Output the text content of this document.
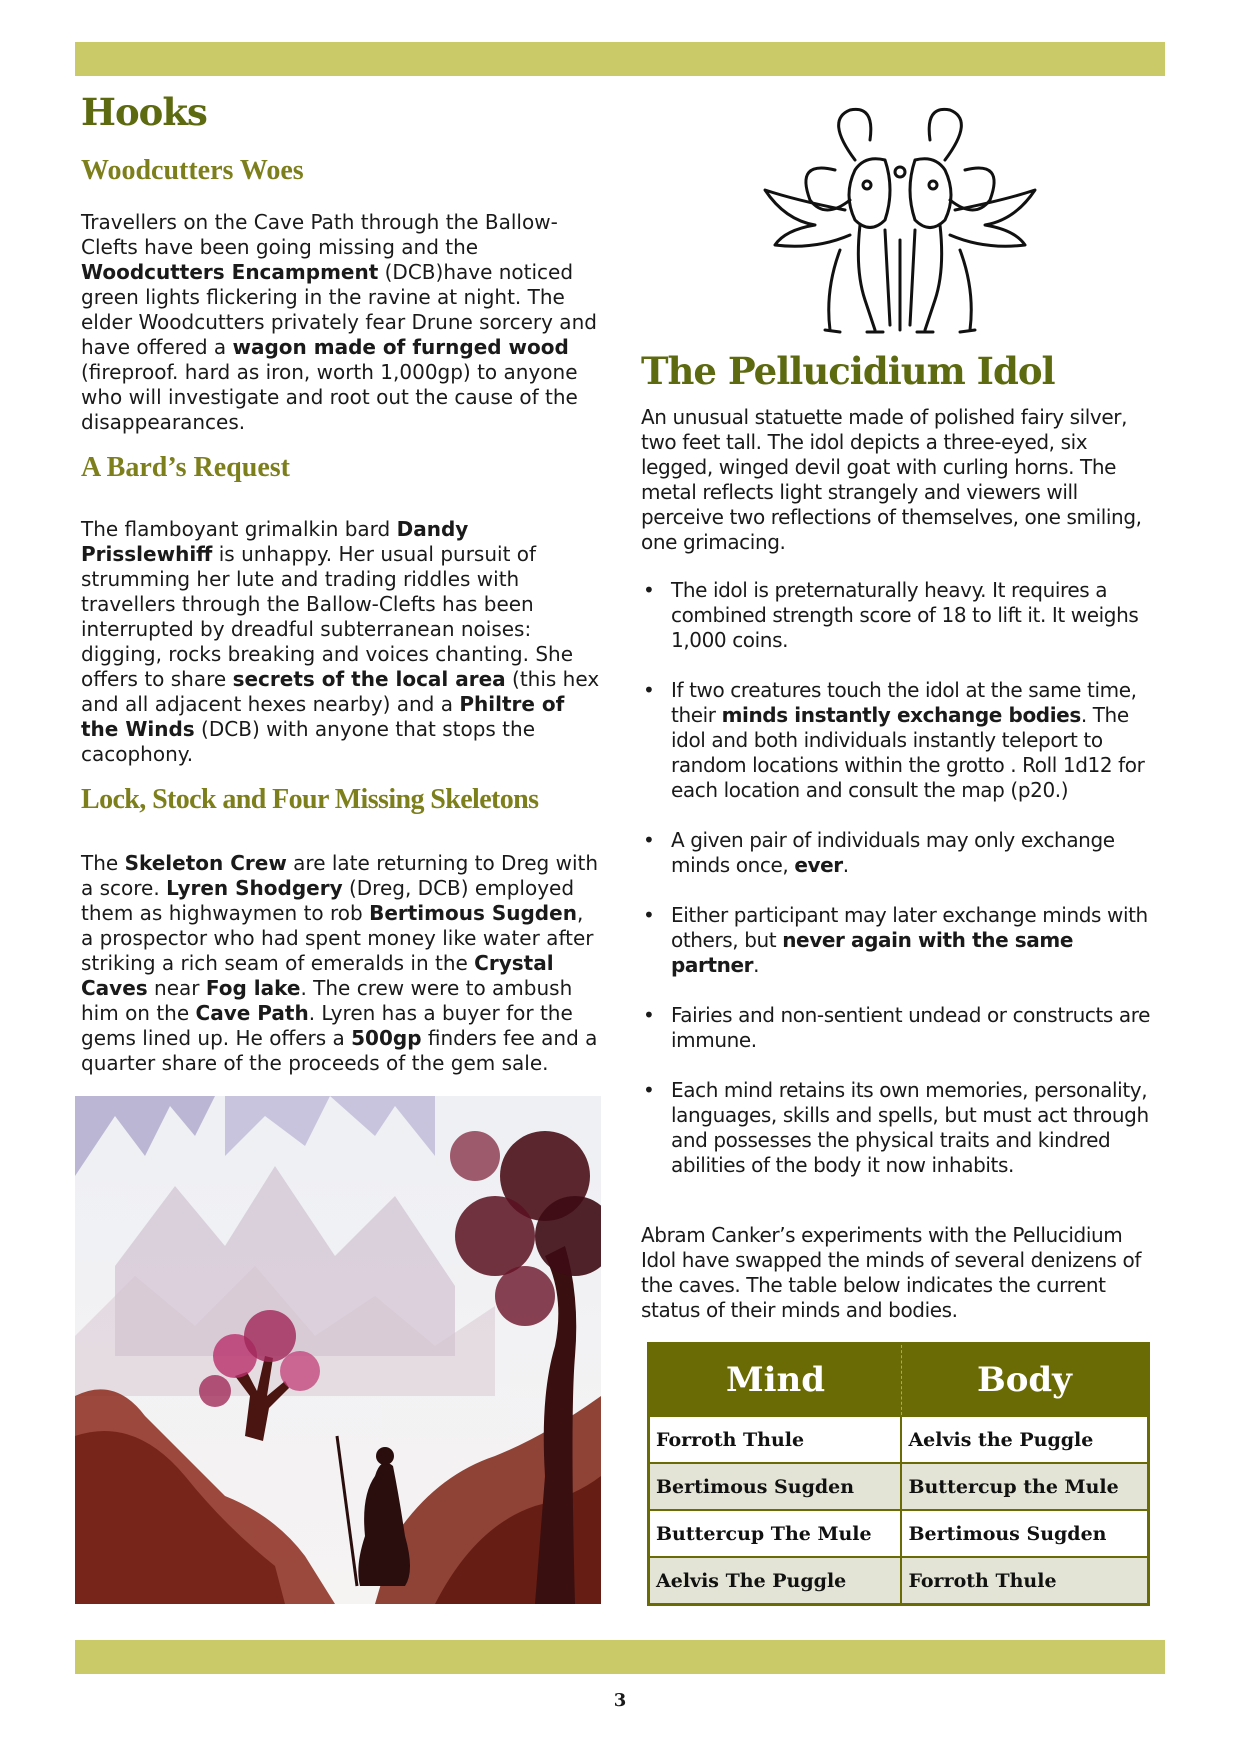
Hooks
Woodcutters Woes

Travellers on the Cave Path through the Ballow-Clefts have been going missing and the Woodcutters Encampment (DCB)have noticed green lights flickering in the ravine at night. The elder Woodcutters privately fear Drune sorcery and have offered a wagon made of furnged wood (fireproof. hard as iron, worth 1,000gp) to anyone who will investigate and root out the cause of the disappearances.

A Bard’s Request

The flamboyant grimalkin bard Dandy Prisslewhiff is unhappy. Her usual pursuit of strumming her lute and trading riddles with travellers through the Ballow-Clefts has been interrupted by dreadful subterranean noises: digging, rocks breaking and voices chanting. She offers to share secrets of the local area (this hex and all adjacent hexes nearby) and a Philtre of the Winds (DCB) with anyone that stops the cacophony.

Lock, Stock and Four Missing Skeletons

The Skeleton Crew are late returning to Dreg with a score. Lyren Shodgery (Dreg, DCB) employed them as highwaymen to rob Bertimous Sugden, a prospector who had spent money like water after striking a rich seam of emeralds in the Crystal Caves near Fog lake. The crew were to ambush him on the Cave Path. Lyren has a buyer for the gems lined up. He offers a 500gp finders fee and a quarter share of the proceeds of the gem sale.

The Pellucidium Idol

An unusual statuette made of polished fairy silver, two feet tall. The idol depicts a three-eyed, six legged, winged devil goat with curling horns. The metal reflects light strangely and viewers will perceive two reflections of themselves, one smiling, one grimacing.

• The idol is preternaturally heavy. It requires a combined strength score of 18 to lift it. It weighs 1,000 coins.
• If two creatures touch the idol at the same time, their minds instantly exchange bodies. The idol and both individuals instantly teleport to random locations within the grotto . Roll 1d12 for each location and consult the map (p20.)
• A given pair of individuals may only exchange minds once, ever.
• Either participant may later exchange minds with others, but never again with the same partner.
• Fairies and non-sentient undead or constructs are immune.
• Each mind retains its own memories, personality, languages, skills and spells, but must act through and possesses the physical traits and kindred abilities of the body it now inhabits.

Abram Canker’s experiments with the Pellucidium Idol have swapped the minds of several denizens of the caves. The table below indicates the current status of their minds and bodies.

Mind	Body
Forroth Thule	Aelvis the Puggle
Bertimous Sugden	Buttercup the Mule
Buttercup The Mule	Bertimous Sugden
Aelvis The Puggle	Forroth Thule
3
